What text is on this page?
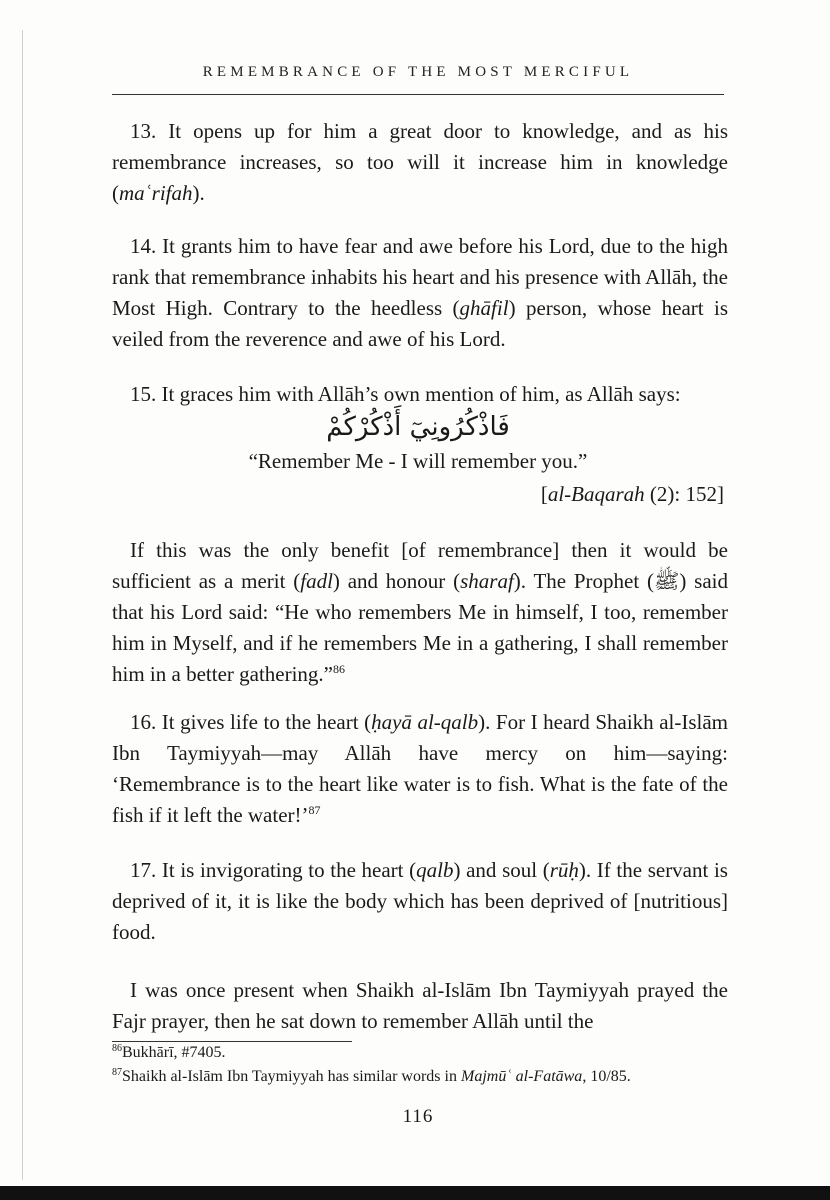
REMEMBRANCE OF THE MOST MERCIFUL

13. It opens up for him a great door to knowledge, and as his remembrance increases, so too will it increase him in knowledge (maʿrifah).

14. It grants him to have fear and awe before his Lord, due to the high rank that remembrance inhabits his heart and his presence with Allāh, the Most High. Contrary to the heedless (ghāfil) person, whose heart is veiled from the reverence and awe of his Lord.

15. It graces him with Allāh’s own mention of him, as Allāh says:

فَاذْكُرُونِيٓ أَذْكُرْكُمْ

“Remember Me - I will remember you.”

[al-Baqarah (2): 152]

If this was the only benefit [of remembrance] then it would be sufficient as a merit (fadl) and honour (sharaf). The Prophet (ﷺ) said that his Lord said: “He who remembers Me in himself, I too, remember him in Myself, and if he remembers Me in a gathering, I shall remember him in a better gathering.”$^{86}$

16. It gives life to the heart (ḥayā al-qalb). For I heard Shaikh al-Islām Ibn Taymiyyah—may Allāh have mercy on him—saying: ‘Remembrance is to the heart like water is to fish. What is the fate of the fish if it left the water!’$^{87}$

17. It is invigorating to the heart (qalb) and soul (rūḥ). If the servant is deprived of it, it is like the body which has been deprived of [nutritious] food.

I was once present when Shaikh al-Islām Ibn Taymiyyah prayed the Fajr prayer, then he sat down to remember Allāh until the

$^{86}$Bukhārī, #7405.

$^{87}$Shaikh al-Islām Ibn Taymiyyah has similar words in Majmūʿ al-Fatāwa, 10/85.

116
